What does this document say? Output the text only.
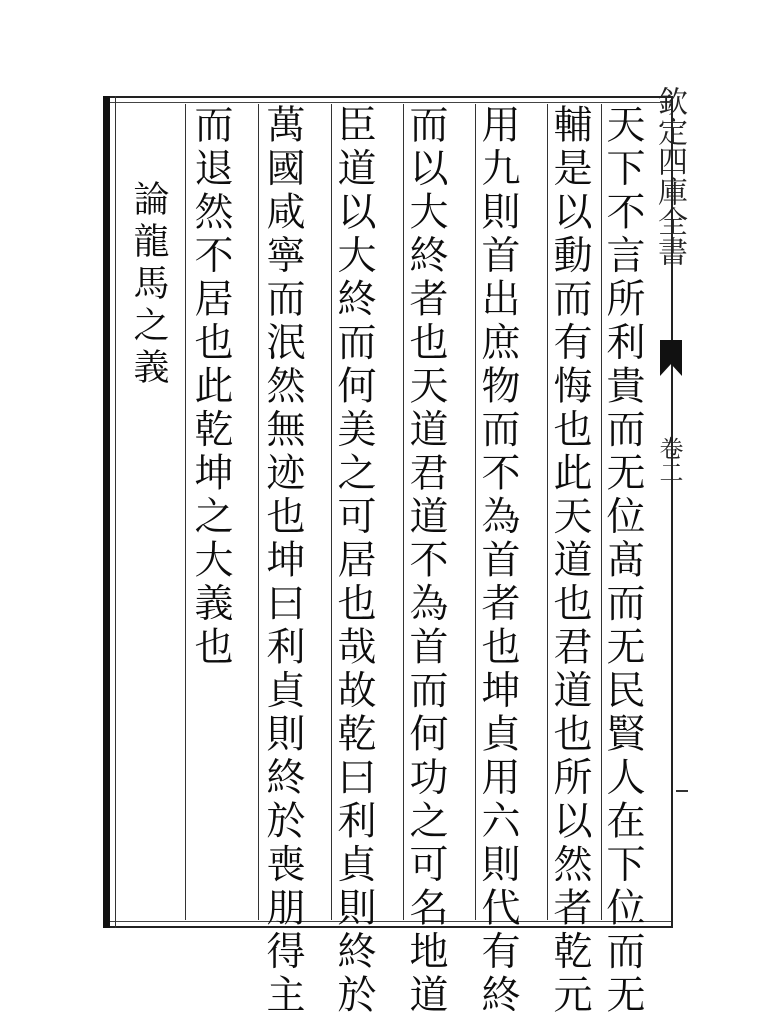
天下不言所利貴而无位髙而无民賢人在下位而无
輔是以動而有悔也此天道也君道也所以然者乾元
用九則首出庶物而不為首者也坤貞用六則代有終
而以大終者也天道君道不為首而何功之可名地道
臣道以大終而何美之可居也哉故乾曰利貞則終於
萬國咸寧而泯然無迹也坤曰利貞則終於喪朋得主
而退然不居也此乾坤之大義也
論龍馬之義
欽定四庫全書
卷二
